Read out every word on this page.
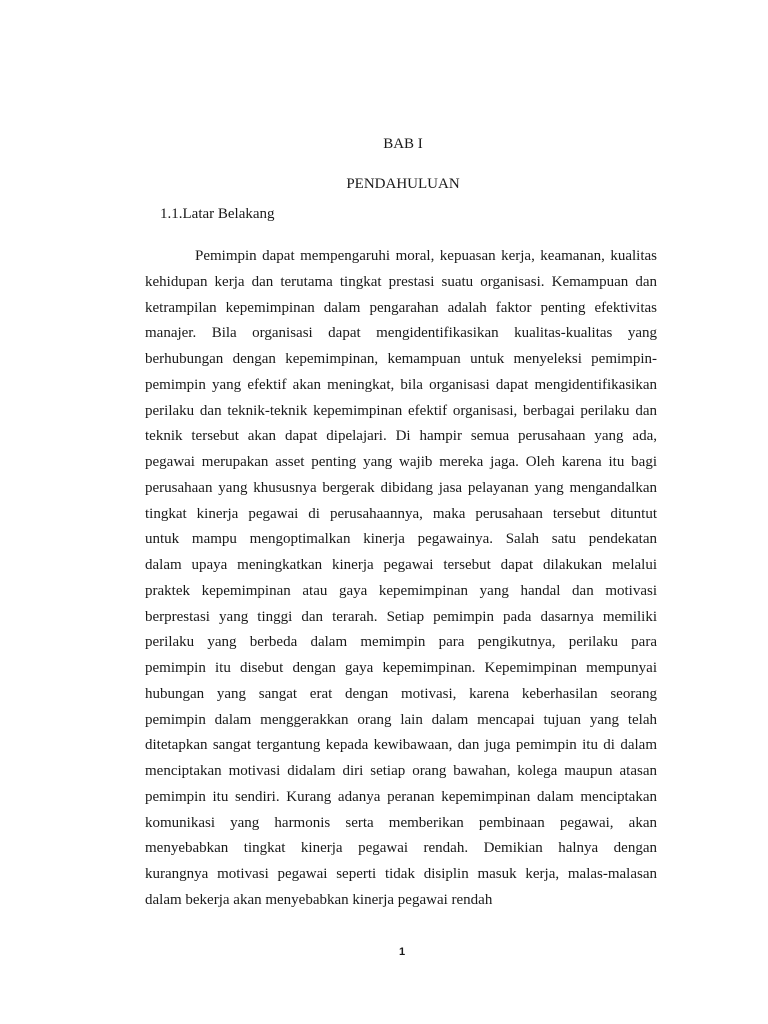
BAB I
PENDAHULUAN
1.1.Latar Belakang

Pemimpin dapat mempengaruhi moral, kepuasan kerja, keamanan, kualitas
kehidupan kerja dan terutama tingkat prestasi suatu organisasi. Kemampuan dan
ketrampilan kepemimpinan dalam pengarahan adalah faktor penting efektivitas
manajer. Bila organisasi dapat mengidentifikasikan kualitas-kualitas yang
berhubungan dengan kepemimpinan, kemampuan untuk menyeleksi pemimpin-
pemimpin yang efektif akan meningkat, bila organisasi dapat mengidentifikasikan
perilaku dan teknik-teknik kepemimpinan efektif organisasi, berbagai perilaku dan
teknik tersebut akan dapat dipelajari. Di hampir semua perusahaan yang ada,
pegawai merupakan asset penting yang wajib mereka jaga. Oleh karena itu bagi
perusahaan yang khususnya bergerak dibidang jasa pelayanan yang mengandalkan
tingkat kinerja pegawai di perusahaannya, maka perusahaan tersebut dituntut
untuk mampu mengoptimalkan kinerja pegawainya. Salah satu pendekatan
dalam upaya meningkatkan kinerja pegawai tersebut dapat dilakukan melalui
praktek kepemimpinan atau gaya kepemimpinan yang handal dan motivasi
berprestasi yang tinggi dan terarah. Setiap pemimpin pada dasarnya memiliki
perilaku yang berbeda dalam memimpin para pengikutnya, perilaku para
pemimpin itu disebut dengan gaya kepemimpinan. Kepemimpinan mempunyai
hubungan yang sangat erat dengan motivasi, karena keberhasilan seorang
pemimpin dalam menggerakkan orang lain dalam mencapai tujuan yang telah
ditetapkan sangat tergantung kepada kewibawaan, dan juga pemimpin itu di dalam
menciptakan motivasi didalam diri setiap orang bawahan, kolega maupun atasan
pemimpin itu sendiri. Kurang adanya peranan kepemimpinan dalam menciptakan
komunikasi yang harmonis serta memberikan pembinaan pegawai, akan
menyebabkan tingkat kinerja pegawai rendah. Demikian halnya dengan
kurangnya motivasi pegawai seperti tidak disiplin masuk kerja, malas-malasan
dalam bekerja akan menyebabkan kinerja pegawai rendah

1
